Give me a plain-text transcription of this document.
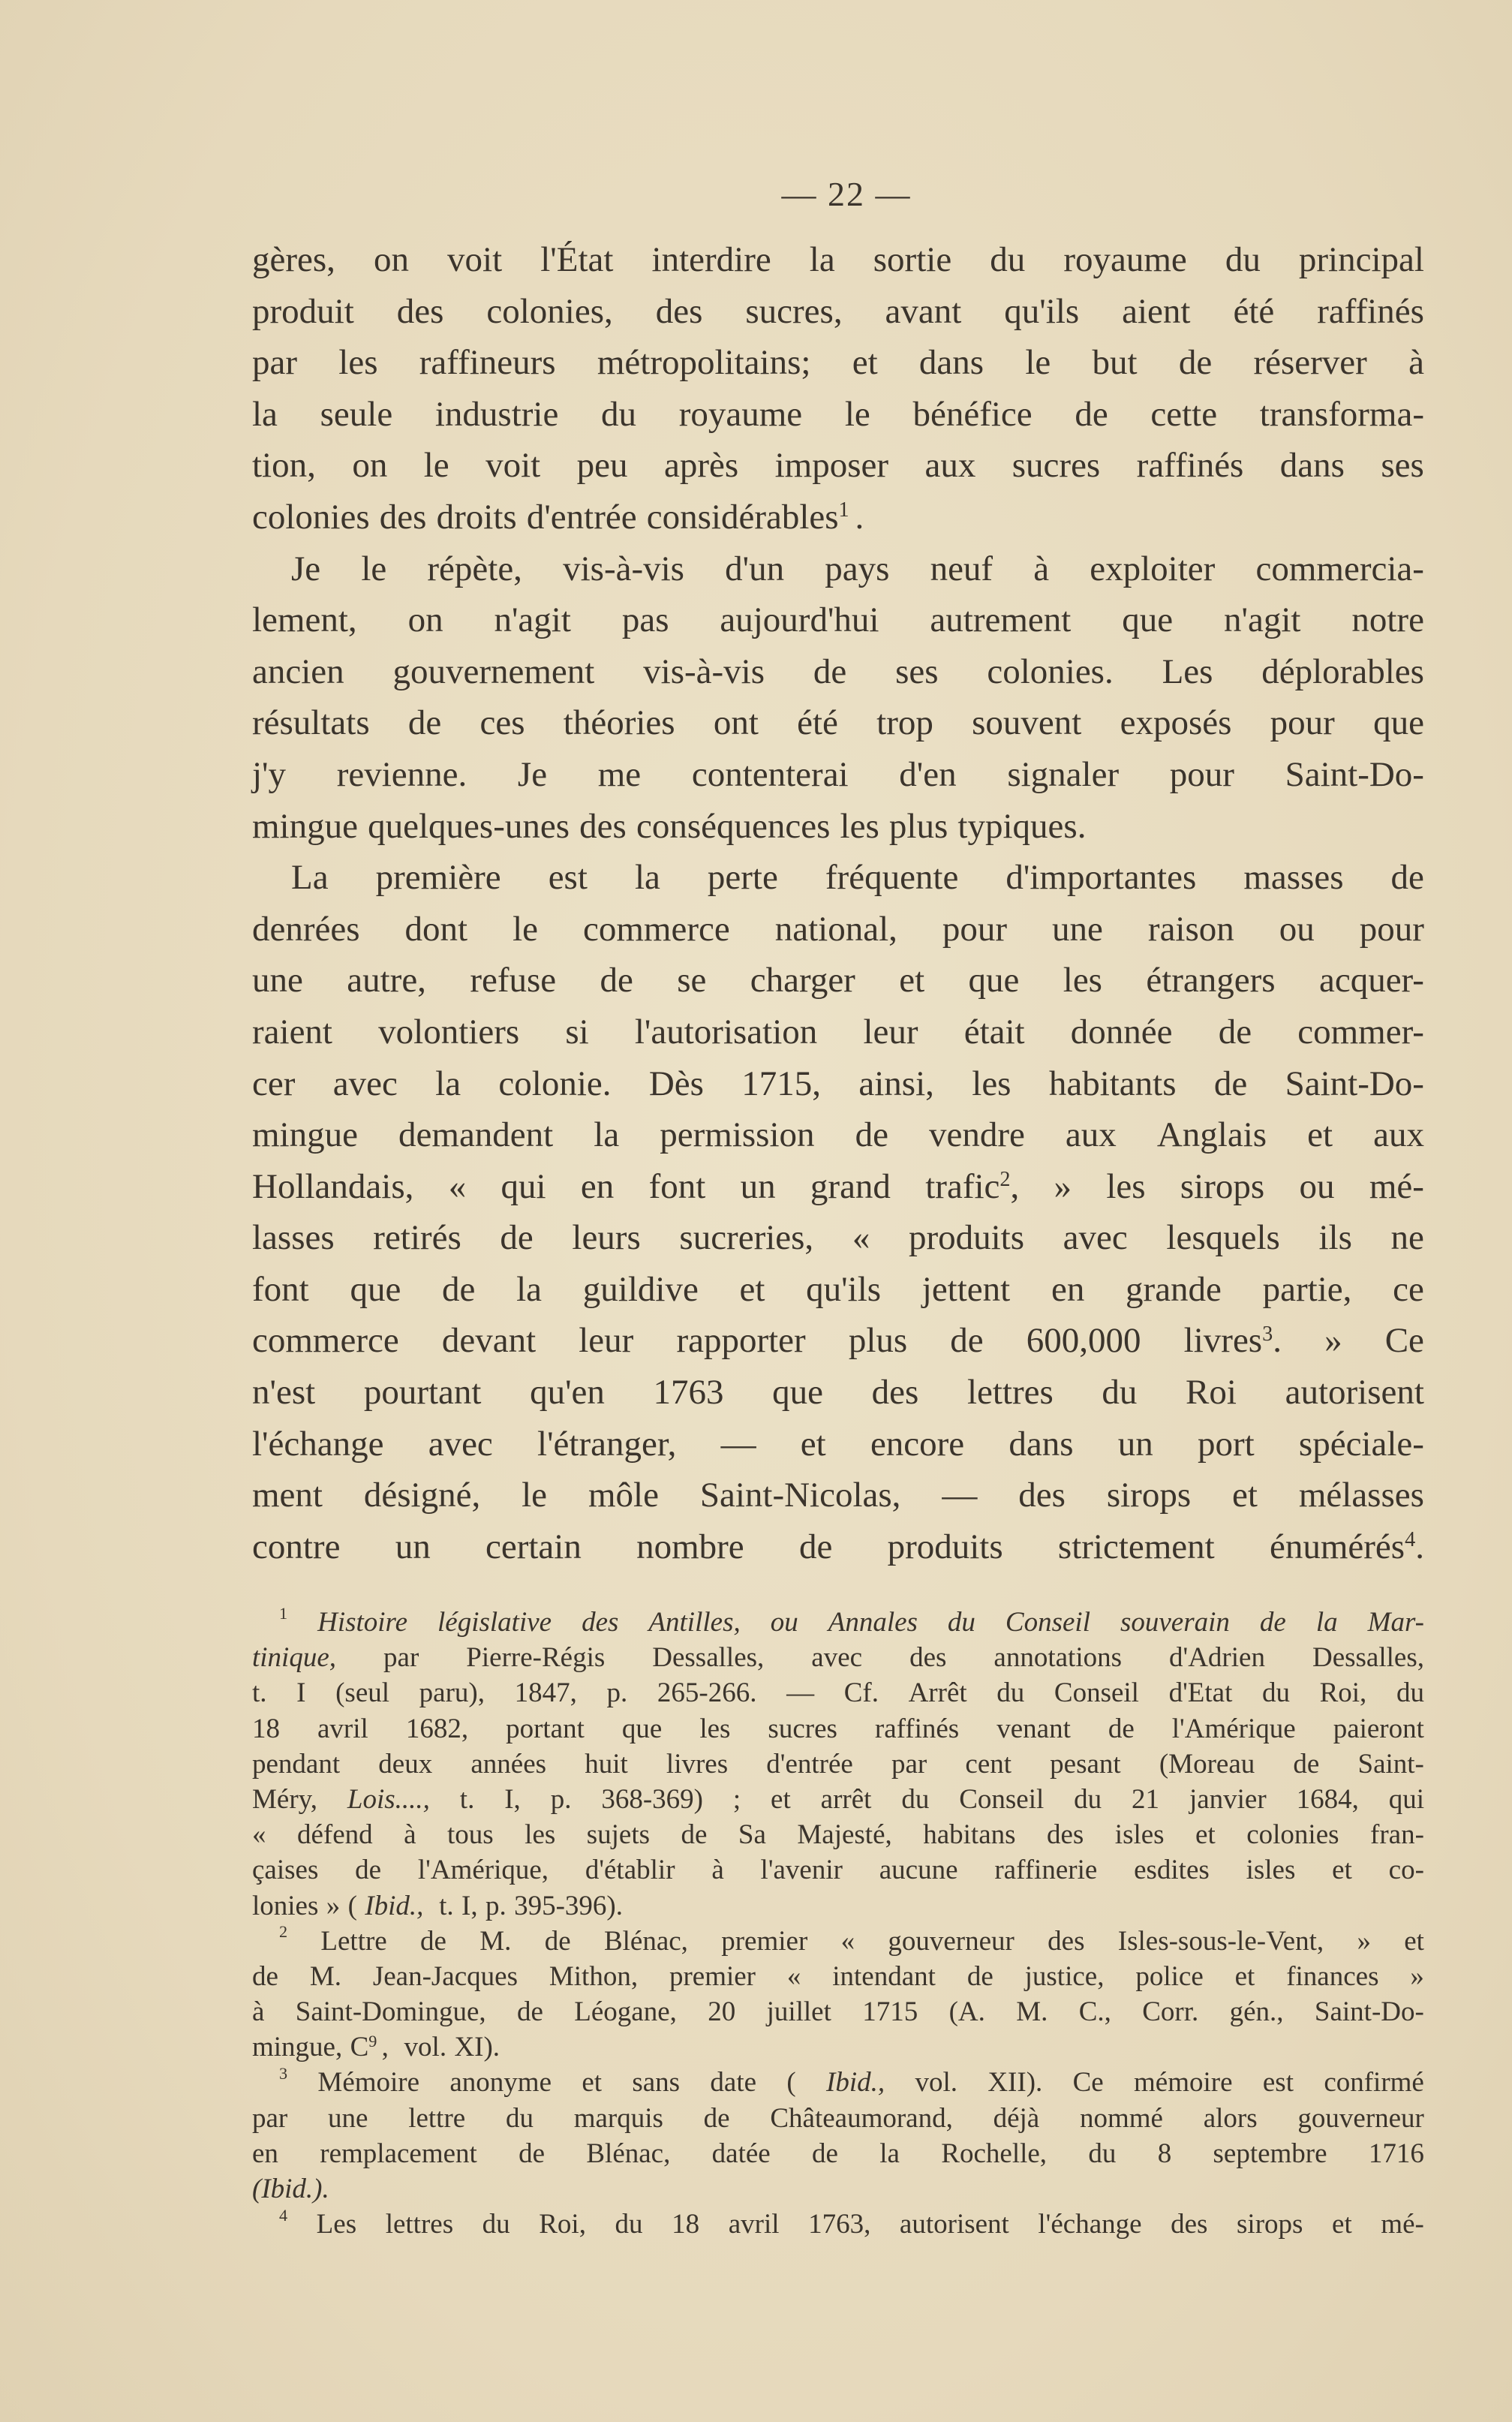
— 22 —
gères, on voit l'État interdire la sortie du royaume du principal
produit des colonies, des sucres, avant qu'ils aient été raffinés
par les raffineurs métropolitains; et dans le but de réserver à
la seule industrie du royaume le bénéfice de cette transforma-
tion, on le voit peu après imposer aux sucres raffinés dans ses
colonies des droits d'entrée considérables$^1$ .
Je le répète, vis-à-vis d'un pays neuf à exploiter commercia-
lement, on n'agit pas aujourd'hui autrement que n'agit notre
ancien gouvernement vis-à-vis de ses colonies. Les déplorables
résultats de ces théories ont été trop souvent exposés pour que
j'y revienne. Je me contenterai d'en signaler pour Saint-Do-
mingue quelques-unes des conséquences les plus typiques.
La première est la perte fréquente d'importantes masses de
denrées dont le commerce national, pour une raison ou pour
une autre, refuse de se charger et que les étrangers acquer-
raient volontiers si l'autorisation leur était donnée de commer-
cer avec la colonie. Dès 1715, ainsi, les habitants de Saint-Do-
mingue demandent la permission de vendre aux Anglais et aux
Hollandais, « qui en font un grand trafic$^2$, » les sirops ou mé-
lasses retirés de leurs sucreries, « produits avec lesquels ils ne
font que de la guildive et qu'ils jettent en grande partie, ce
commerce devant leur rapporter plus de 600,000 livres$^3$. » Ce
n'est pourtant qu'en 1763 que des lettres du Roi autorisent
l'échange avec l'étranger, — et encore dans un port spéciale-
ment désigné, le môle Saint-Nicolas, — des sirops et mélasses
contre un certain nombre de produits strictement énumérés$^4$.
1 Histoire législative des Antilles, ou Annales du Conseil souverain de la Mar-
tinique, par Pierre-Régis Dessalles, avec des annotations d'Adrien Dessalles,
t. I (seul paru), 1847, p. 265-266. — Cf. Arrêt du Conseil d'Etat du Roi, du
18 avril 1682, portant que les sucres raffinés venant de l'Amérique paieront
pendant deux années huit livres d'entrée par cent pesant (Moreau de Saint-
Méry, Lois...., t. I, p. 368-369) ; et arrêt du Conseil du 21 janvier 1684, qui
« défend à tous les sujets de Sa Majesté, habitans des isles et colonies fran-
çaises de l'Amérique, d'établir à l'avenir aucune raffinerie esdites isles et co-
lonies » ( Ibid., t. I, p. 395-396).
2 Lettre de M. de Blénac, premier « gouverneur des Isles-sous-le-Vent, » et
de M. Jean-Jacques Mithon, premier « intendant de justice, police et finances »
à Saint-Domingue, de Léogane, 20 juillet 1715 (A. M. C., Corr. gén., Saint-Do-
mingue, $C^9$ , vol. XI).
3 Mémoire anonyme et sans date ( Ibid., vol. XII). Ce mémoire est confirmé
par une lettre du marquis de Châteaumorand, déjà nommé alors gouverneur
en remplacement de Blénac, datée de la Rochelle, du 8 septembre 1716
(Ibid.).
4 Les lettres du Roi, du 18 avril 1763, autorisent l'échange des sirops et mé-
